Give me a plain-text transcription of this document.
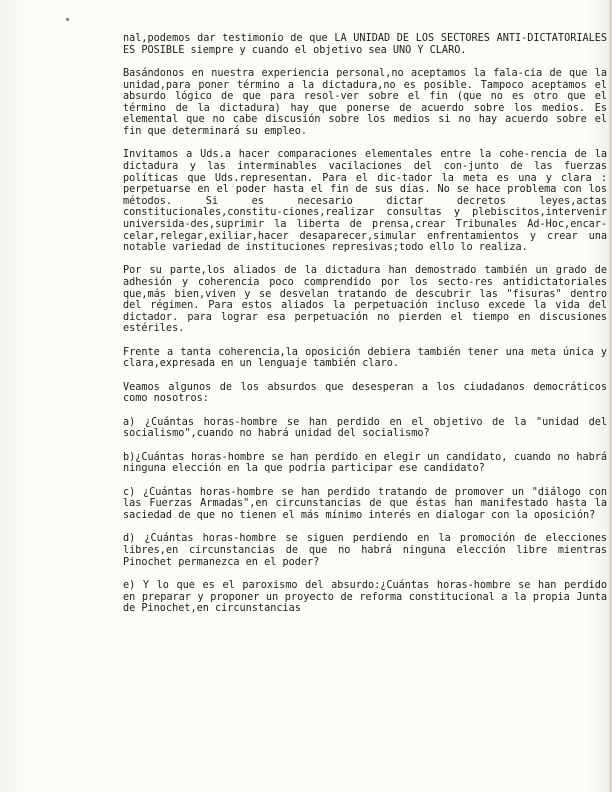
nal,podemos dar testimonio de que LA UNIDAD DE LOS SECTORES ANTI-DICTATORIALES ES POSIBLE siempre y cuando el objetivo sea UNO Y CLARO.

Basándonos en nuestra experiencia personal,no aceptamos la fala-cia de que la unidad,para poner término a la dictadura,no es posible. Tampoco aceptamos el absurdo lógico de que para resol-ver sobre el fin (que no es otro que el término de la dictadura) hay que ponerse de acuerdo sobre los medios. Es elemental que no cabe discusión sobre los medios si no hay acuerdo sobre el fin que determinará su empleo.

Invitamos a Uds.a hacer comparaciones elementales entre la cohe-rencia de la dictadura y las interminables vacilaciones del con-junto de las fuerzas políticas que Uds.representan. Para el dic-tador la meta es una y clara : perpetuarse en el poder hasta el fin de sus días. No se hace problema con los métodos. Si es necesario dictar decretos leyes,actas constitucionales,constitu-ciones,realizar consultas y plebiscitos,intervenir universida-des,suprimir la liberta de prensa,crear Tribunales Ad-Hoc,encar-celar,relegar,exiliar,hacer desaparecer,simular enfrentamientos y crear una notable variedad de instituciones represivas;todo ello lo realiza.

Por su parte,los aliados de la dictadura han demostrado también un grado de adhesión y coherencia poco comprendido por los secto-res antidictatoriales que,más bien,viven y se desvelan tratando de descubrir las "fisuras" dentro del régimen. Para estos aliados la perpetuación incluso excede la vida del dictador. para lograr esa perpetuación no pierden el tiempo en discusiones estériles.

Frente a tanta coherencia,la oposición debiera también tener una meta única y clara,expresada en un lenguaje también claro.

Veamos algunos de los absurdos que desesperan a los ciudadanos democráticos como nosotros:

a) ¿Cuántas horas-hombre se han perdido en el objetivo de la "unidad del socialismo",cuando no habrá unidad del socialismo?

b)¿Cuántas horas-hombre se han perdido en elegir un candidato, cuando no habrá ninguna elección en la que podría participar ese candidato?

c) ¿Cuántas horas-hombre se han perdido tratando de promover un "diálogo con las Fuerzas Armadas",en circunstancias de que éstas han manifestado hasta la saciedad de que no tienen el más mínimo interés en dialogar con la oposición?

d) ¿Cuántas horas-hombre se siguen perdiendo en la promoción de elecciones libres,en circunstancias de que no habrá ninguna elección libre mientras Pinochet permanezca en el poder?

e) Y lo que es el paroxismo del absurdo:¿Cuántas horas-hombre se han perdido en preparar y proponer un proyecto de reforma constitucional a la propia Junta de Pinochet,en circunstancias
